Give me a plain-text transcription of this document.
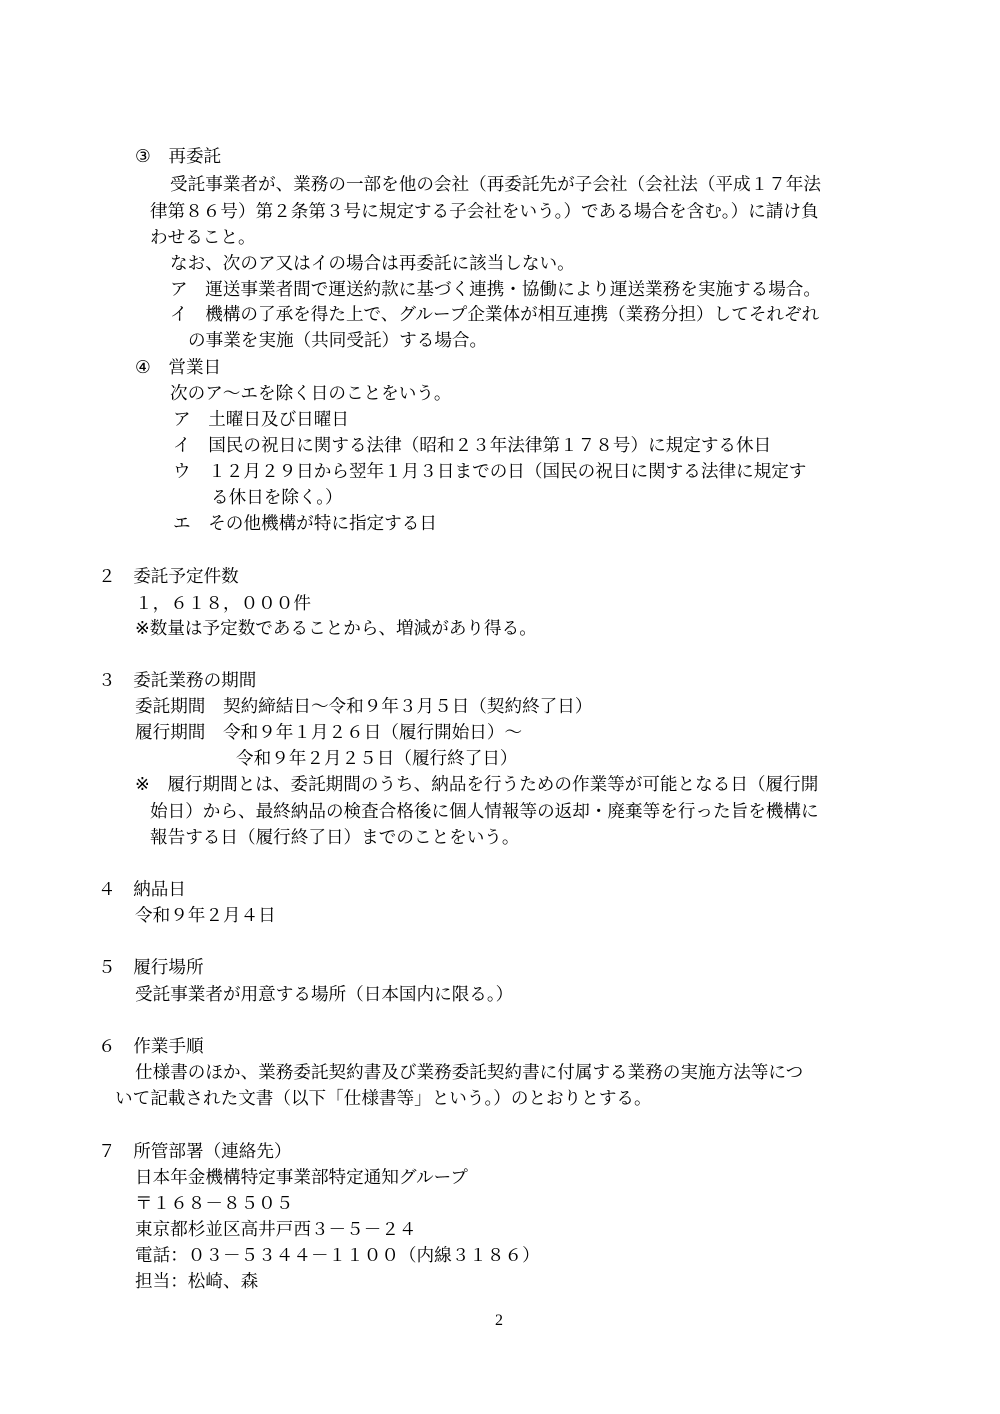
③　再委託
受託事業者が、業務の一部を他の会社（再委託先が子会社（会社法（平成１７年法
律第８６号）第２条第３号に規定する子会社をいう。）である場合を含む。）に請け負
わせること。
なお、次のア又はイの場合は再委託に該当しない。
ア　運送事業者間で運送約款に基づく連携・協働により運送業務を実施する場合。
イ　機構の了承を得た上で、グループ企業体が相互連携（業務分担）してそれぞれ
の事業を実施（共同受託）する場合。
④　営業日
次のア～エを除く日のことをいう。
ア　土曜日及び日曜日
イ　国民の祝日に関する法律（昭和２３年法律第１７８号）に規定する休日
ウ　１２月２９日から翌年１月３日までの日（国民の祝日に関する法律に規定す
る休日を除く。）
エ　その他機構が特に指定する日
２　委託予定件数
１，６１８，０００件
※数量は予定数であることから、増減があり得る。
３　委託業務の期間
委託期間　契約締結日～令和９年３月５日（契約終了日）
履行期間　令和９年１月２６日（履行開始日）～
令和９年２月２５日（履行終了日）
※　履行期間とは、委託期間のうち、納品を行うための作業等が可能となる日（履行開
始日）から、最終納品の検査合格後に個人情報等の返却・廃棄等を行った旨を機構に
報告する日（履行終了日）までのことをいう。
４　納品日
令和９年２月４日
５　履行場所
受託事業者が用意する場所（日本国内に限る。）
６　作業手順
仕様書のほか、業務委託契約書及び業務委託契約書に付属する業務の実施方法等につ
いて記載された文書（以下「仕様書等」という。）のとおりとする。
７　所管部署（連絡先）
日本年金機構特定事業部特定通知グループ
〒１６８－８５０５
東京都杉並区高井戸西３－５－２４
電話：０３－５３４４－１１００（内線３１８６）
担当：松崎、森
2
